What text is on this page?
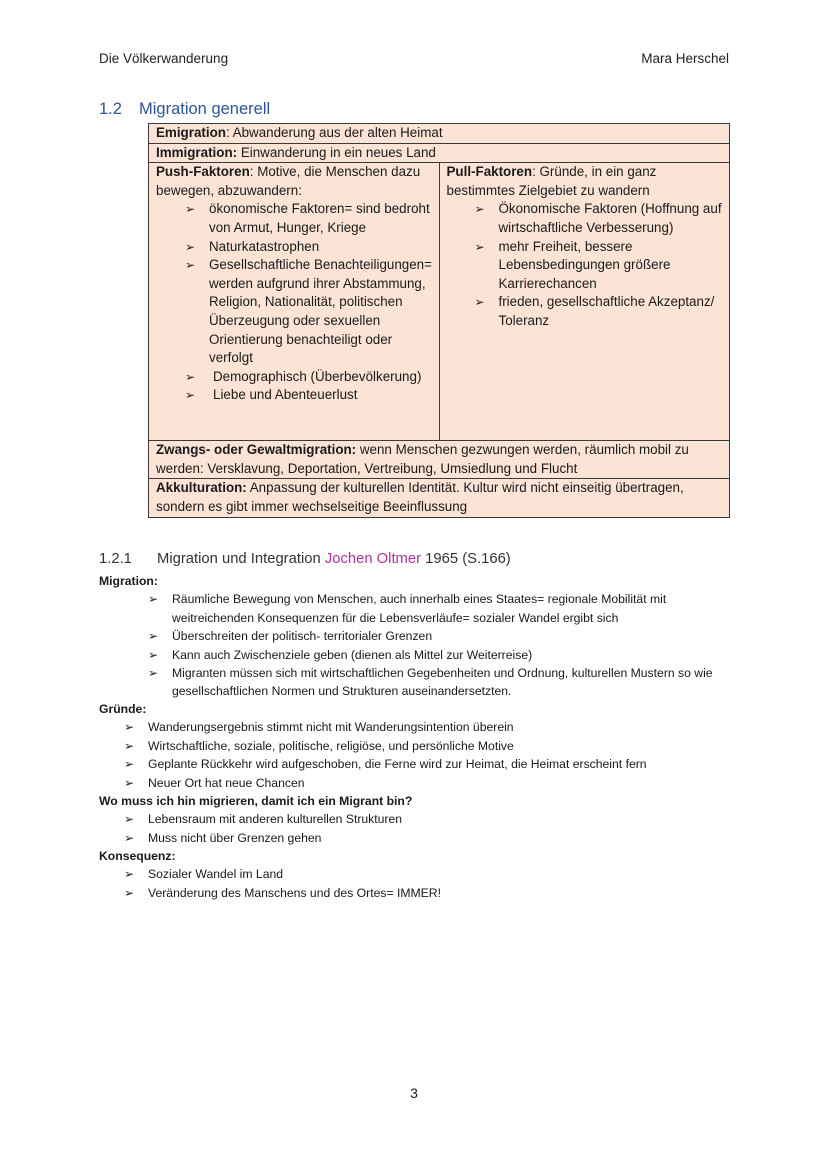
Die Völkerwanderung	Mara Herschel
1.2 Migration generell
Emigration: Abwanderung aus der alten Heimat
Immigration: Einwanderung in ein neues Land
Push-Faktoren: Motive, die Menschen dazu bewegen, abzuwandern:
➢ ökonomische Faktoren= sind bedroht von Armut, Hunger, Kriege
➢ Naturkatastrophen
➢ Gesellschaftliche Benachteiligungen= werden aufgrund ihrer Abstammung, Religion, Nationalität, politischen Überzeugung oder sexuellen Orientierung benachteiligt oder verfolgt
➢ Demographisch (Überbevölkerung)
➢ Liebe und Abenteuerlust
	Pull-Faktoren: Gründe, in ein ganz bestimmtes Zielgebiet zu wandern
➢ Ökonomische Faktoren (Hoffnung auf wirtschaftliche Verbesserung)
➢ mehr Freiheit, bessere Lebensbedingungen größere Karrierechancen
➢ frieden, gesellschaftliche Akzeptanz/ Toleranz

Zwangs- oder Gewaltmigration: wenn Menschen gezwungen werden, räumlich mobil zu werden: Versklavung, Deportation, Vertreibung, Umsiedlung und Flucht
Akkulturation: Anpassung der kulturellen Identität. Kultur wird nicht einseitig übertragen, sondern es gibt immer wechselseitige Beeinflussung
1.2.1 Migration und Integration Jochen Oltmer 1965 (S.166)
Migration:
➢ Räumliche Bewegung von Menschen, auch innerhalb eines Staates= regionale Mobilität mit weitreichenden Konsequenzen für die Lebensverläufe= sozialer Wandel ergibt sich
➢ Überschreiten der politisch- territorialer Grenzen
➢ Kann auch Zwischenziele geben (dienen als Mittel zur Weiterreise)
➢ Migranten müssen sich mit wirtschaftlichen Gegebenheiten und Ordnung, kulturellen Mustern so wie gesellschaftlichen Normen und Strukturen auseinandersetzten.
Gründe:
➢ Wanderungsergebnis stimmt nicht mit Wanderungsintention überein
➢ Wirtschaftliche, soziale, politische, religiöse, und persönliche Motive
➢ Geplante Rückkehr wird aufgeschoben, die Ferne wird zur Heimat, die Heimat erscheint fern
➢ Neuer Ort hat neue Chancen
Wo muss ich hin migrieren, damit ich ein Migrant bin?
➢ Lebensraum mit anderen kulturellen Strukturen
➢ Muss nicht über Grenzen gehen
Konsequenz:
➢ Sozialer Wandel im Land
➢ Veränderung des Manschens und des Ortes= IMMER!
3
